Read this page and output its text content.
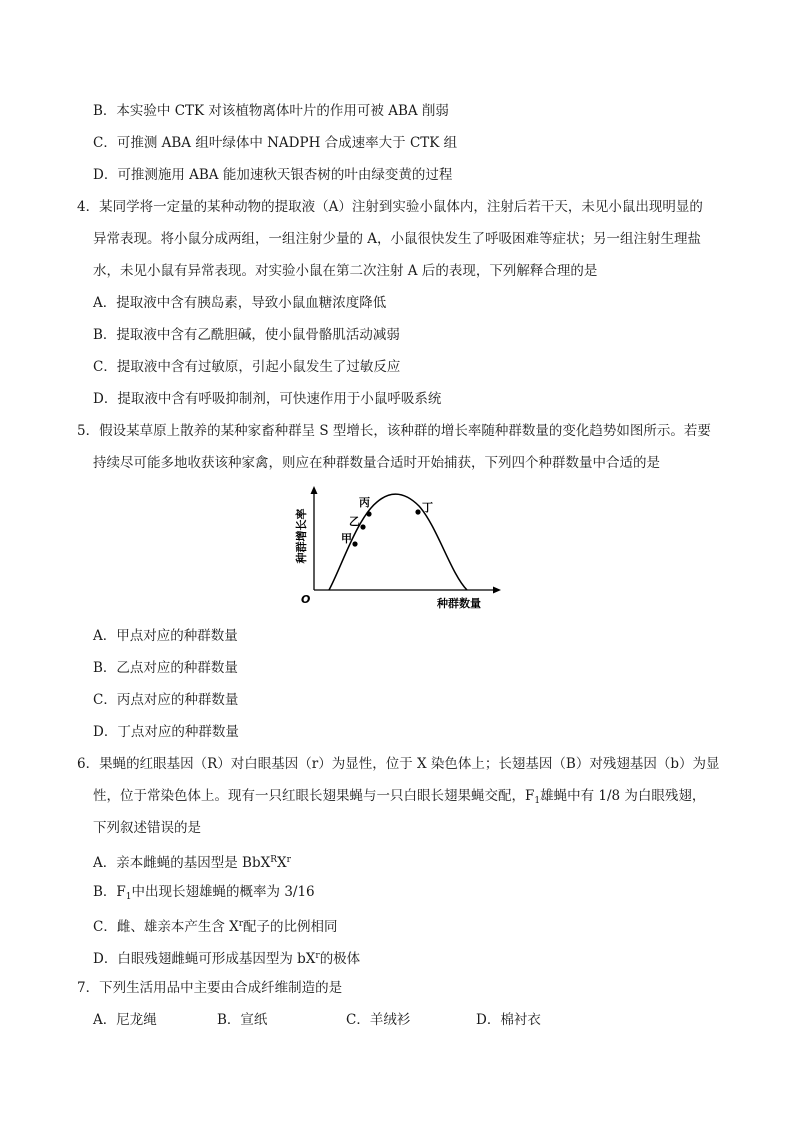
B．本实验中 CTK 对该植物离体叶片的作用可被 ABA 削弱
C．可推测 ABA 组叶绿体中 NADPH 合成速率大于 CTK 组
D．可推测施用 ABA 能加速秋天银杏树的叶由绿变黄的过程
4．某同学将一定量的某种动物的提取液（A）注射到实验小鼠体内，注射后若干天，未见小鼠出现明显的
异常表现。将小鼠分成两组，一组注射少量的 A，小鼠很快发生了呼吸困难等症状；另一组注射生理盐
水，未见小鼠有异常表现。对实验小鼠在第二次注射 A 后的表现，下列解释合理的是
A．提取液中含有胰岛素，导致小鼠血糖浓度降低
B．提取液中含有乙酰胆碱，使小鼠骨骼肌活动减弱
C．提取液中含有过敏原，引起小鼠发生了过敏反应
D．提取液中含有呼吸抑制剂，可快速作用于小鼠呼吸系统
5．假设某草原上散养的某种家畜种群呈 S 型增长，该种群的增长率随种群数量的变化趋势如图所示。若要
持续尽可能多地收获该种家禽，则应在种群数量合适时开始捕获，下列四个种群数量中合适的是
甲
乙
丙	丁
O	种群数量
种群增长率
A．甲点对应的种群数量
B．乙点对应的种群数量
C．丙点对应的种群数量
D．丁点对应的种群数量
6．果蝇的红眼基因（R）对白眼基因（r）为显性，位于 X 染色体上；长翅基因（B）对残翅基因（b）为显
性，位于常染色体上。现有一只红眼长翅果蝇与一只白眼长翅果蝇交配，$F_1$雄蝇中有 1/8 为白眼残翅，
下列叙述错误的是
A．亲本雌蝇的基因型是 $BbX^RX^r$
B．$F_1$中出现长翅雄蝇的概率为 3/16
C．雌、雄亲本产生含 $X^r$配子的比例相同
D．白眼残翅雌蝇可形成基因型为 $bX^r$的极体
7．下列生活用品中主要由合成纤维制造的是
A．尼龙绳	B．宣纸	C．羊绒衫	D．棉衬衣
